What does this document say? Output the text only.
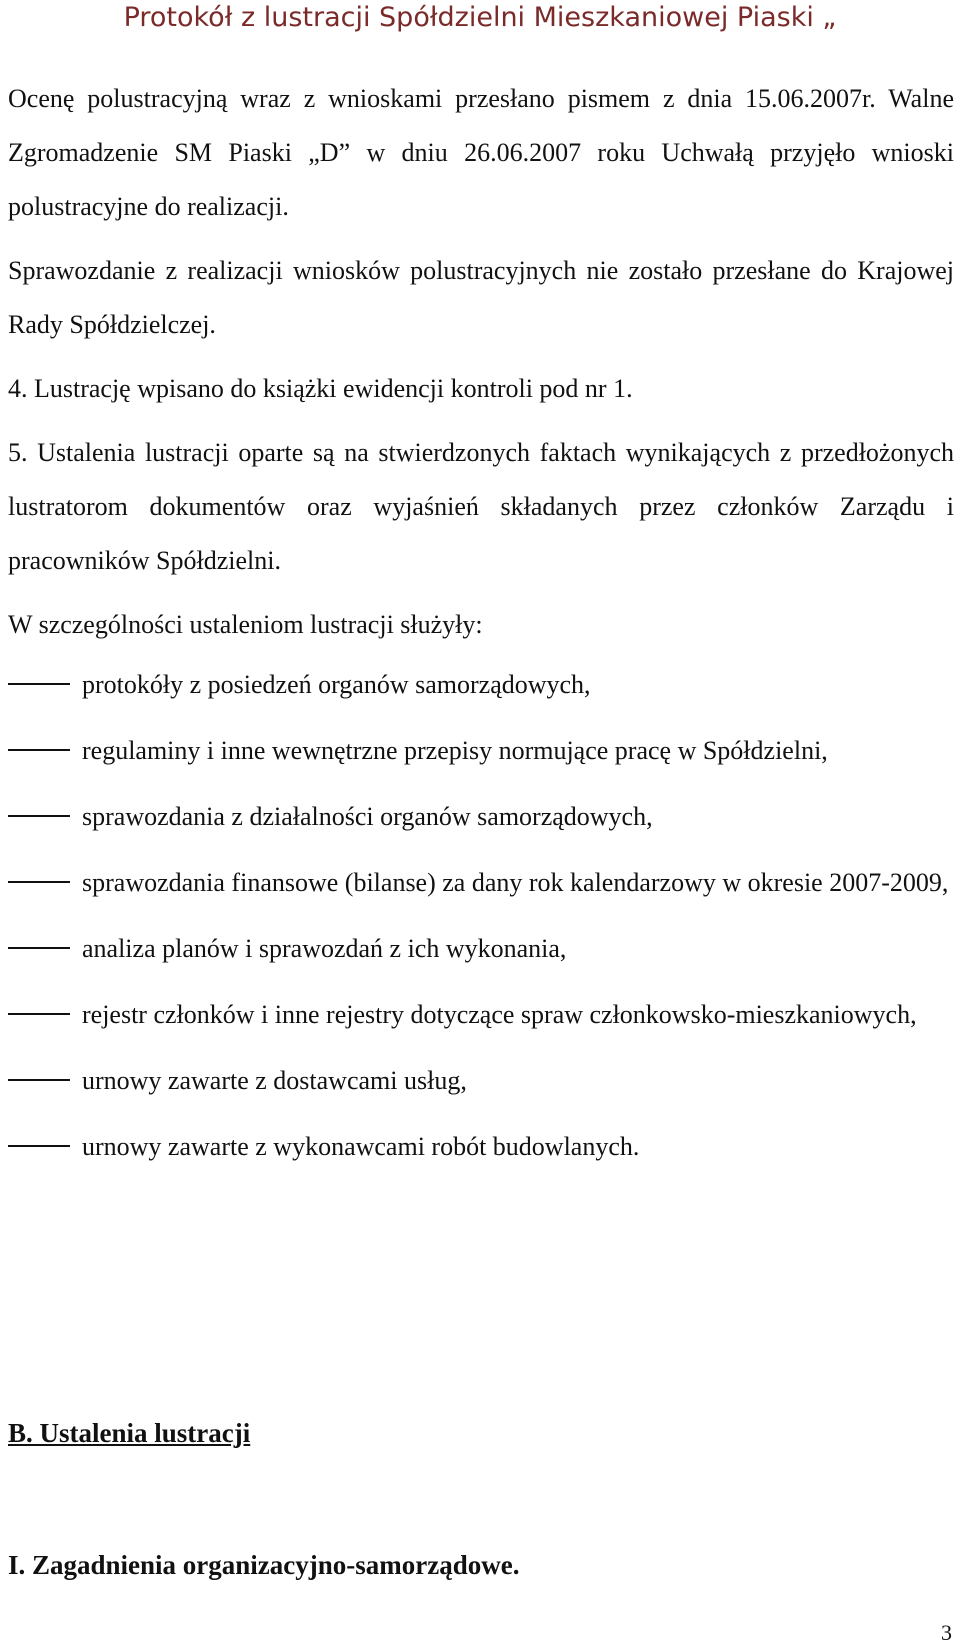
Protokół z lustracji Spółdzielni Mieszkaniowej Piaski „

Ocenę polustracyjną wraz z wnioskami przesłano pismem z dnia 15.06.2007r. Walne Zgromadzenie SM Piaski „D” w dniu 26.06.2007 roku Uchwałą przyjęło wnioski polustracyjne do realizacji.

Sprawozdanie z realizacji wniosków polustracyjnych nie zostało przesłane do Krajowej Rady Spółdzielczej.

4. Lustrację wpisano do książki ewidencji kontroli pod nr 1.

5. Ustalenia lustracji oparte są na stwierdzonych faktach wynikających z przedłożonych lustratorom dokumentów oraz wyjaśnień składanych przez członków Zarządu i pracowników Spółdzielni.

W szczególności ustaleniom lustracji służyły:

protokóły z posiedzeń organów samorządowych,
regulaminy i inne wewnętrzne przepisy normujące pracę w Spółdzielni,
sprawozdania z działalności organów samorządowych,
sprawozdania finansowe (bilanse) za dany rok kalendarzowy w okresie 2007-2009,
analiza planów i sprawozdań z ich wykonania,
rejestr członków i inne rejestry dotyczące spraw członkowsko-mieszkaniowych,
urnowy zawarte z dostawcami usług,
urnowy zawarte z wykonawcami robót budowlanych.
B. Ustalenia lustracji
I. Zagadnienia organizacyjno-samorządowe.
3
